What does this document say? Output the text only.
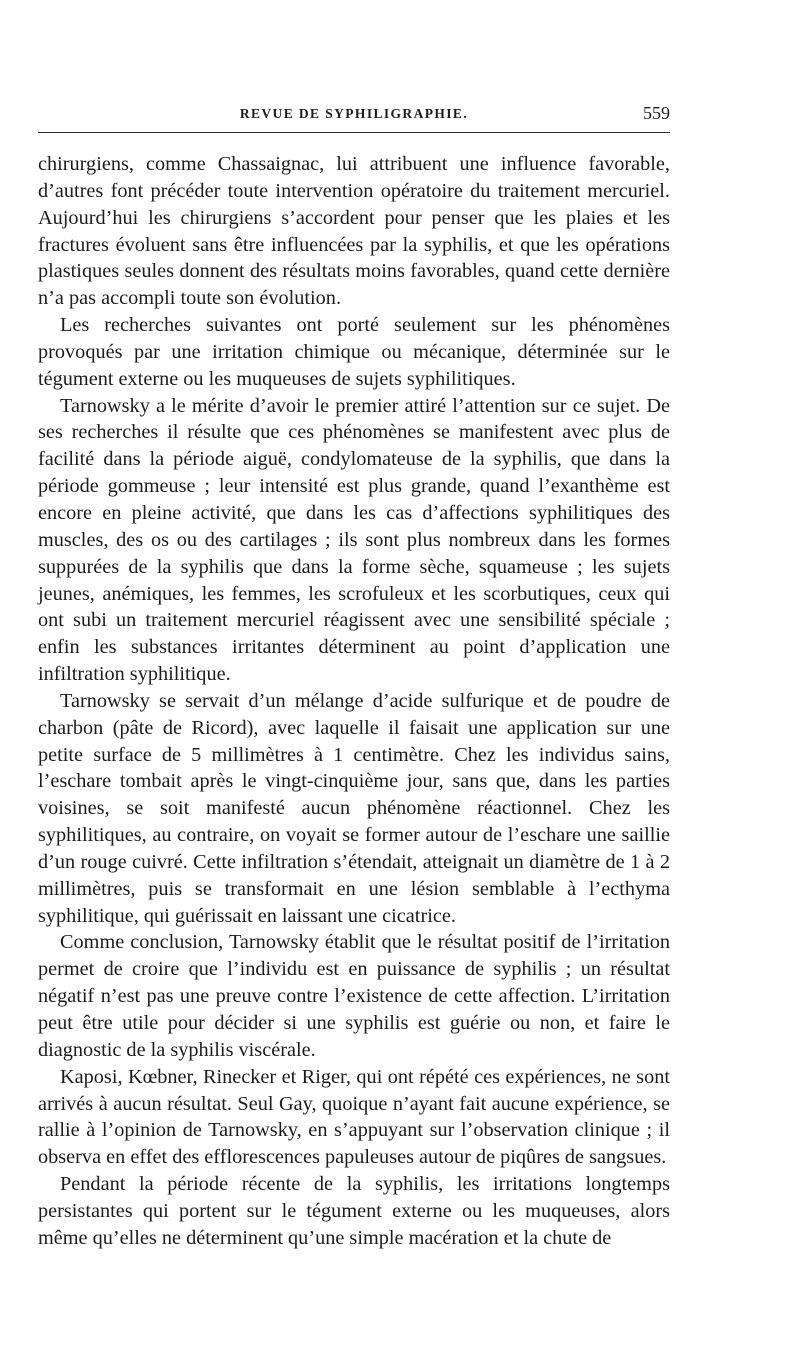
REVUE DE SYPHILIGRAPHIE.	559

chirurgiens, comme Chassaignac, lui attribuent une influence favorable, d’autres font précéder toute intervention opératoire du traitement mercuriel. Aujourd’hui les chirurgiens s’accordent pour penser que les plaies et les fractures évoluent sans être influencées par la syphilis, et que les opérations plastiques seules donnent des résultats moins favorables, quand cette dernière n’a pas accompli toute son évolution.

Les recherches suivantes ont porté seulement sur les phénomènes provoqués par une irritation chimique ou mécanique, déterminée sur le tégument externe ou les muqueuses de sujets syphilitiques.

Tarnowsky a le mérite d’avoir le premier attiré l’attention sur ce sujet. De ses recherches il résulte que ces phénomènes se manifestent avec plus de facilité dans la période aiguë, condylomateuse de la syphilis, que dans la période gommeuse ; leur intensité est plus grande, quand l’exanthème est encore en pleine activité, que dans les cas d’affections syphilitiques des muscles, des os ou des cartilages ; ils sont plus nombreux dans les formes suppurées de la syphilis que dans la forme sèche, squameuse ; les sujets jeunes, anémiques, les femmes, les scrofuleux et les scorbutiques, ceux qui ont subi un traitement mercuriel réagissent avec une sensibilité spéciale ; enfin les substances irritantes déterminent au point d’application une infiltration syphilitique.

Tarnowsky se servait d’un mélange d’acide sulfurique et de poudre de charbon (pâte de Ricord), avec laquelle il faisait une application sur une petite surface de 5 millimètres à 1 centimètre. Chez les individus sains, l’eschare tombait après le vingt-cinquième jour, sans que, dans les parties voisines, se soit manifesté aucun phénomène réactionnel. Chez les syphilitiques, au contraire, on voyait se former autour de l’eschare une saillie d’un rouge cuivré. Cette infiltration s’étendait, atteignait un diamètre de 1 à 2 millimètres, puis se transformait en une lésion semblable à l’ecthyma syphilitique, qui guérissait en laissant une cicatrice.

Comme conclusion, Tarnowsky établit que le résultat positif de l’irritation permet de croire que l’individu est en puissance de syphilis ; un résultat négatif n’est pas une preuve contre l’existence de cette affection. L’irritation peut être utile pour décider si une syphilis est guérie ou non, et faire le diagnostic de la syphilis viscérale.

Kaposi, Kœbner, Rinecker et Riger, qui ont répété ces expériences, ne sont arrivés à aucun résultat. Seul Gay, quoique n’ayant fait aucune expérience, se rallie à l’opinion de Tarnowsky, en s’appuyant sur l’observation clinique ; il observa en effet des efflorescences papuleuses autour de piqûres de sangsues.

Pendant la période récente de la syphilis, les irritations longtemps persistantes qui portent sur le tégument externe ou les muqueuses, alors même qu’elles ne déterminent qu’une simple macération et la chute de
